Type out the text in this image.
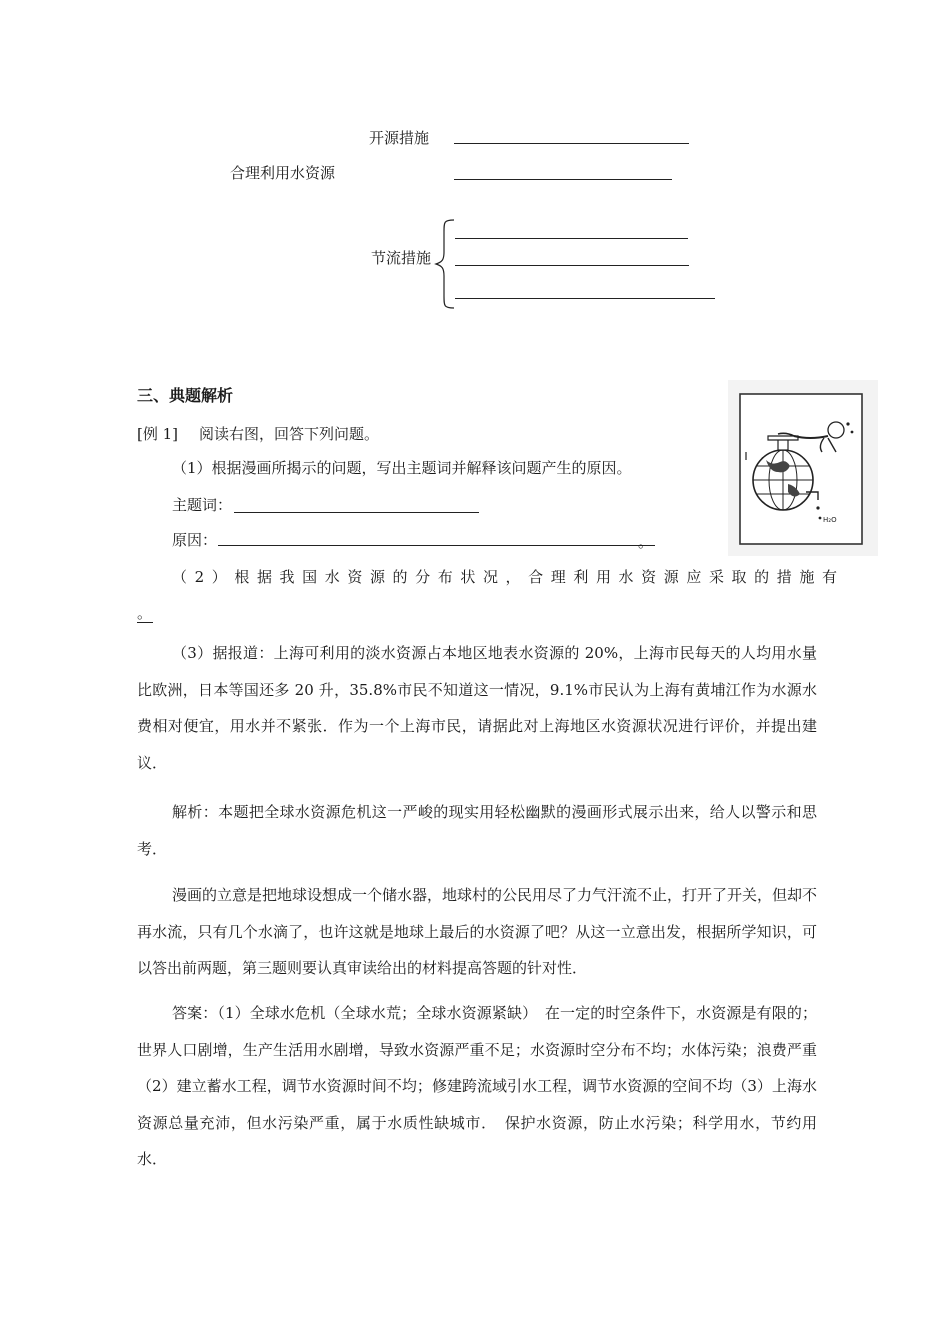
开源措施
合理利用水资源
节流措施
三、典题解析
[例 1] 阅读右图，回答下列问题。
（1）根据漫画所揭示的问题，写出主题词并解释该问题产生的原因。
主题词：
原因：	。
H₂O
（2）根据我国水资源的分布状况，合理利用水资源应采取的措施有
。
（3）据报道：上海可利用的淡水资源占本地区地表水资源的 20%，上海市民每天的人均用水量比欧洲，日本等国还多 20 升，35.8%市民不知道这一情况，9.1%市民认为上海有黄埔江作为水源水费相对便宜，用水并不紧张．作为一个上海市民，请据此对上海地区水资源状况进行评价，并提出建议．
解析：本题把全球水资源危机这一严峻的现实用轻松幽默的漫画形式展示出来，给人以警示和思考．
漫画的立意是把地球设想成一个储水器，地球村的公民用尽了力气汗流不止，打开了开关，但却不再水流，只有几个水滴了，也许这就是地球上最后的水资源了吧？从这一立意出发，根据所学知识，可以答出前两题，第三题则要认真审读给出的材料提高答题的针对性．
答案：（1）全球水危机（全球水荒；全球水资源紧缺）　在一定的时空条件下，水资源是有限的；世界人口剧增，生产生活用水剧增，导致水资源严重不足；水资源时空分布不均；水体污染；浪费严重（2）建立蓄水工程，调节水资源时间不均；修建跨流域引水工程，调节水资源的空间不均（3）上海水资源总量充沛，但水污染严重，属于水质性缺城市．　保护水资源，防止水污染；科学用水，节约用水．
